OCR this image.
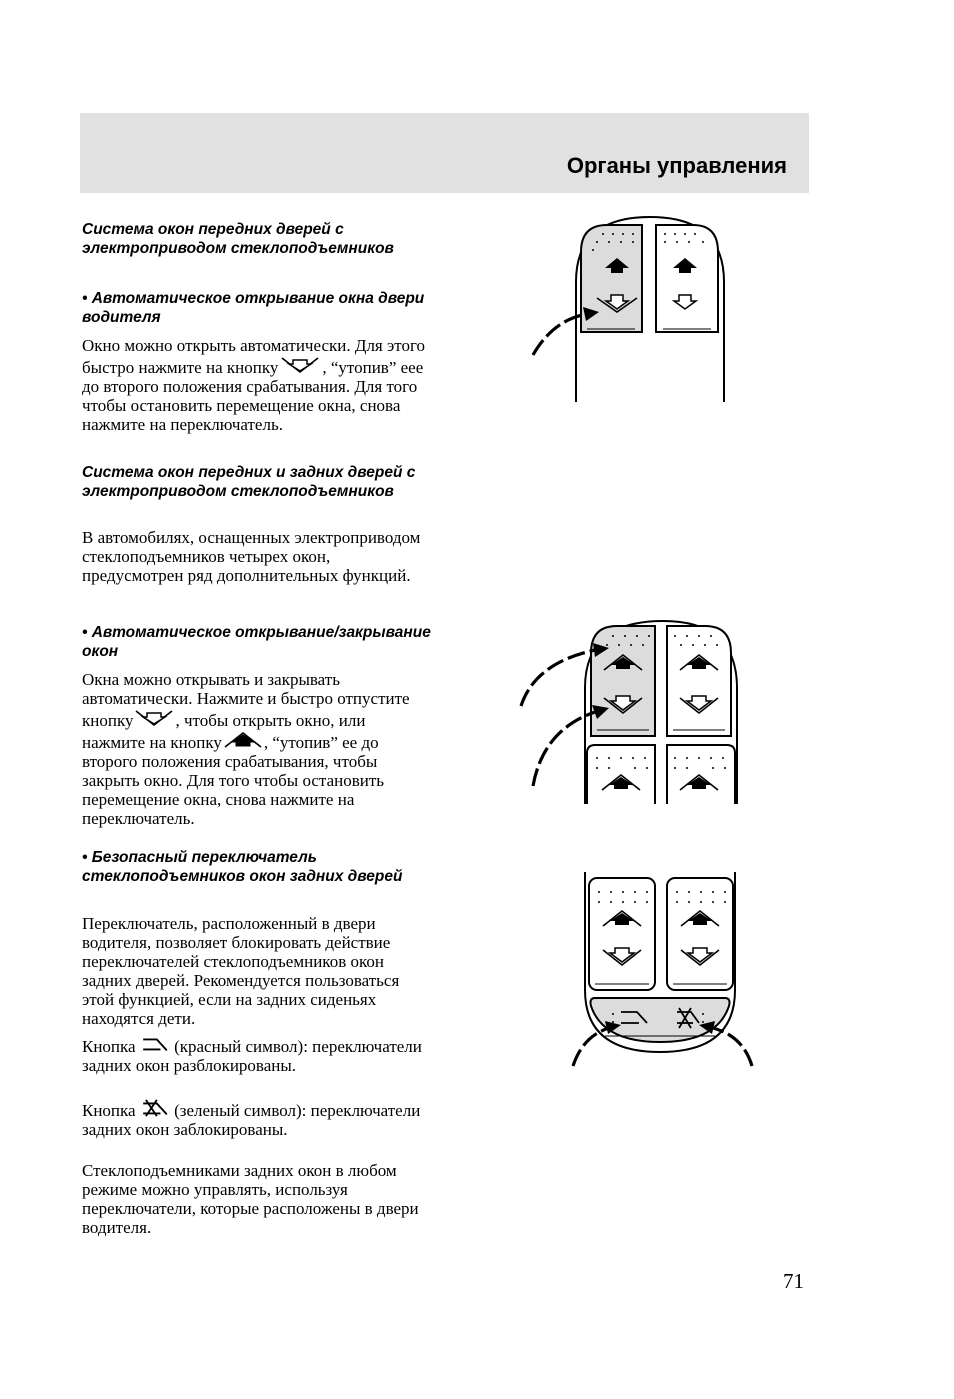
Органы управления

Система окон передних дверей с электроприводом стеклоподъемников

• Автоматическое открывание окна двери водителя

Окно можно открыть автоматически. Для этого быстро нажмите на кнопку	, “утопив” еее до второго положения срабатывания. Для того чтобы остановить перемещение окна, снова нажмите на переключатель.

Система окон передних и задних дверей с электроприводом стеклоподъемников

В автомобилях, оснащенных электроприводом стеклоподъемников четырех окон, предусмотрен ряд дополнительных функций.

• Автоматическое открывание/закрывание окон

Окна можно открывать и закрывать автоматически. Нажмите и быстро отпустите кнопку , чтобы открыть окно, или нажмите на кнопку , “утопив” ее до второго положения срабатывания, чтобы закрыть окно. Для того чтобы остановить перемещение окна, снова нажмите на переключатель.

• Безопасный переключатель стеклоподъемников окон задних дверей

Переключатель, расположенный в двери водителя, позволяет блокировать действие переключателей стеклоподъемников окон задних дверей. Рекомендуется пользоваться этой функцией, если на задних сиденьях находятся дети.

Кнопка  (красный символ): переключатели задних окон разблокированы.

Кнопка  (зеленый символ): переключатели задних окон заблокированы.

Стеклоподъемниками задних окон в любом режиме можно управлять, используя переключатели, которые расположены в двери водителя.

71
